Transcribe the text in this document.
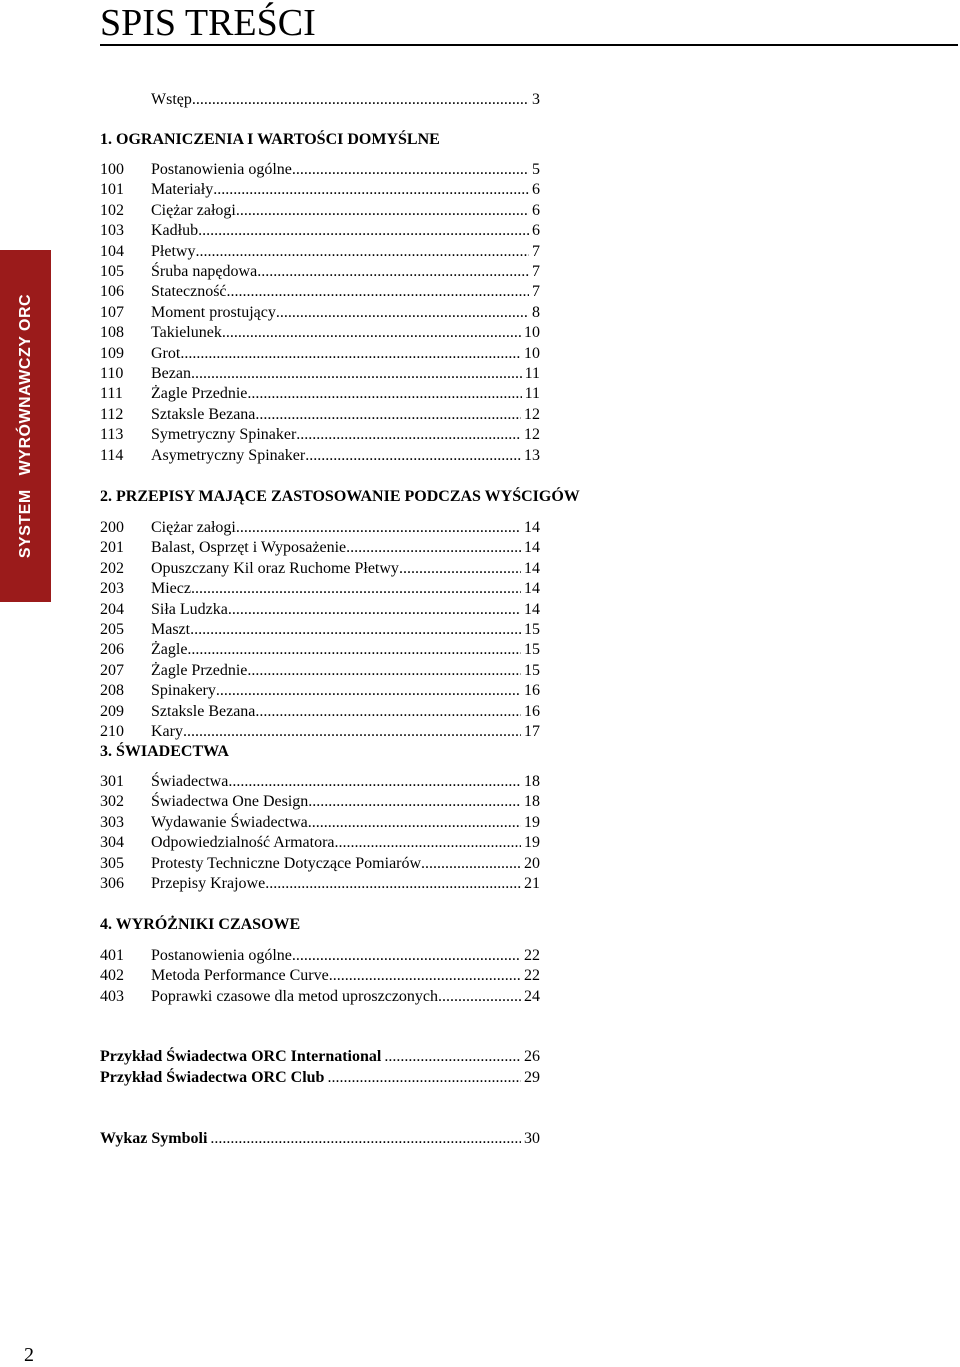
SPIS TREŚCI
SYSTEMWYRÓWNAWCZY ORC
Wstęp .....	3
1. OGRANICZENIA I WARTOŚCI DOMYŚLNE
100 Postanowienia ogólne .....	5
101 Materiały .....	6
102 Ciężar załogi .....	6
103 Kadłub .....	6
104 Płetwy .....	7
105 Śruba napędowa .....	7
106 Stateczność .....	7
107 Moment prostujący .....	8
108 Takielunek .....	10
109 Grot .....	10
110 Bezan .....	11
111 Żagle Przednie .....	11
112 Sztaksle Bezana .....	12
113 Symetryczny Spinaker .....	12
114 Asymetryczny Spinaker .....	13
2. PRZEPISY MAJĄCE ZASTOSOWANIE PODCZAS WYŚCIGÓW
200 Ciężar załogi .....	14
201 Balast, Osprzęt i Wyposażenie .....	14
202 Opuszczany Kil oraz Ruchome Płetwy .....	14
203 Miecz .....	14
204 Siła Ludzka .....	14
205 Maszt .....	15
206 Żagle .....	15
207 Żagle Przednie .....	15
208 Spinakery .....	16
209 Sztaksle Bezana .....	16
210 Kary .....	17
3. ŚWIADECTWA
301 Świadectwa .....	18
302 Świadectwa One Design .....	18
303 Wydawanie Świadectwa .....	19
304 Odpowiedzialność Armatora .....	19
305 Protesty Techniczne Dotyczące Pomiarów .....	20
306 Przepisy Krajowe .....	21
4. WYRÓŻNIKI CZASOWE
401 Postanowienia ogólne .....	22
402 Metoda Performance Curve .....	22
403 Poprawki czasowe dla metod uproszczonych .....	24
Przykład Świadectwa ORC International .....	26
Przykład Świadectwa ORC Club .....	29
Wykaz Symboli .....	30
2
